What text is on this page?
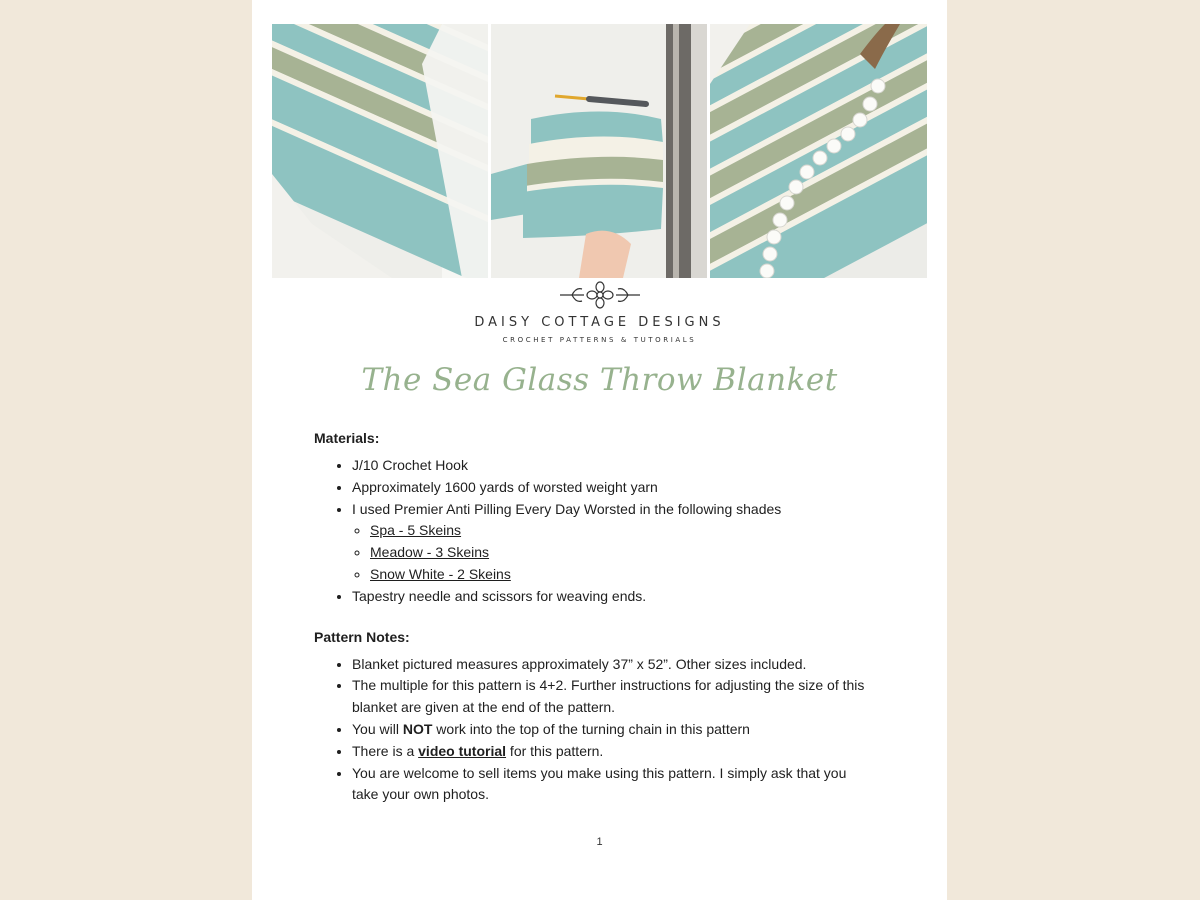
DAISY COTTAGE DESIGNS
CROCHET PATTERNS & TUTORIALS
The Sea Glass Throw Blanket

Materials:

• J/10 Crochet Hook
• Approximately 1600 yards of worsted weight yarn
• I used Premier Anti Pilling Every Day Worsted in the following shades
◦ Spa - 5 Skeins
◦ Meadow - 3 Skeins
◦ Snow White - 2 Skeins
• Tapestry needle and scissors for weaving ends.

Pattern Notes:

• Blanket pictured measures approximately 37” x 52”. Other sizes included.
• The multiple for this pattern is 4+2. Further instructions for adjusting the size of this blanket are given at the end of the pattern.
• You will NOT work into the top of the turning chain in this pattern
• There is a video tutorial for this pattern.
• You are welcome to sell items you make using this pattern. I simply ask that you take your own photos.
1
